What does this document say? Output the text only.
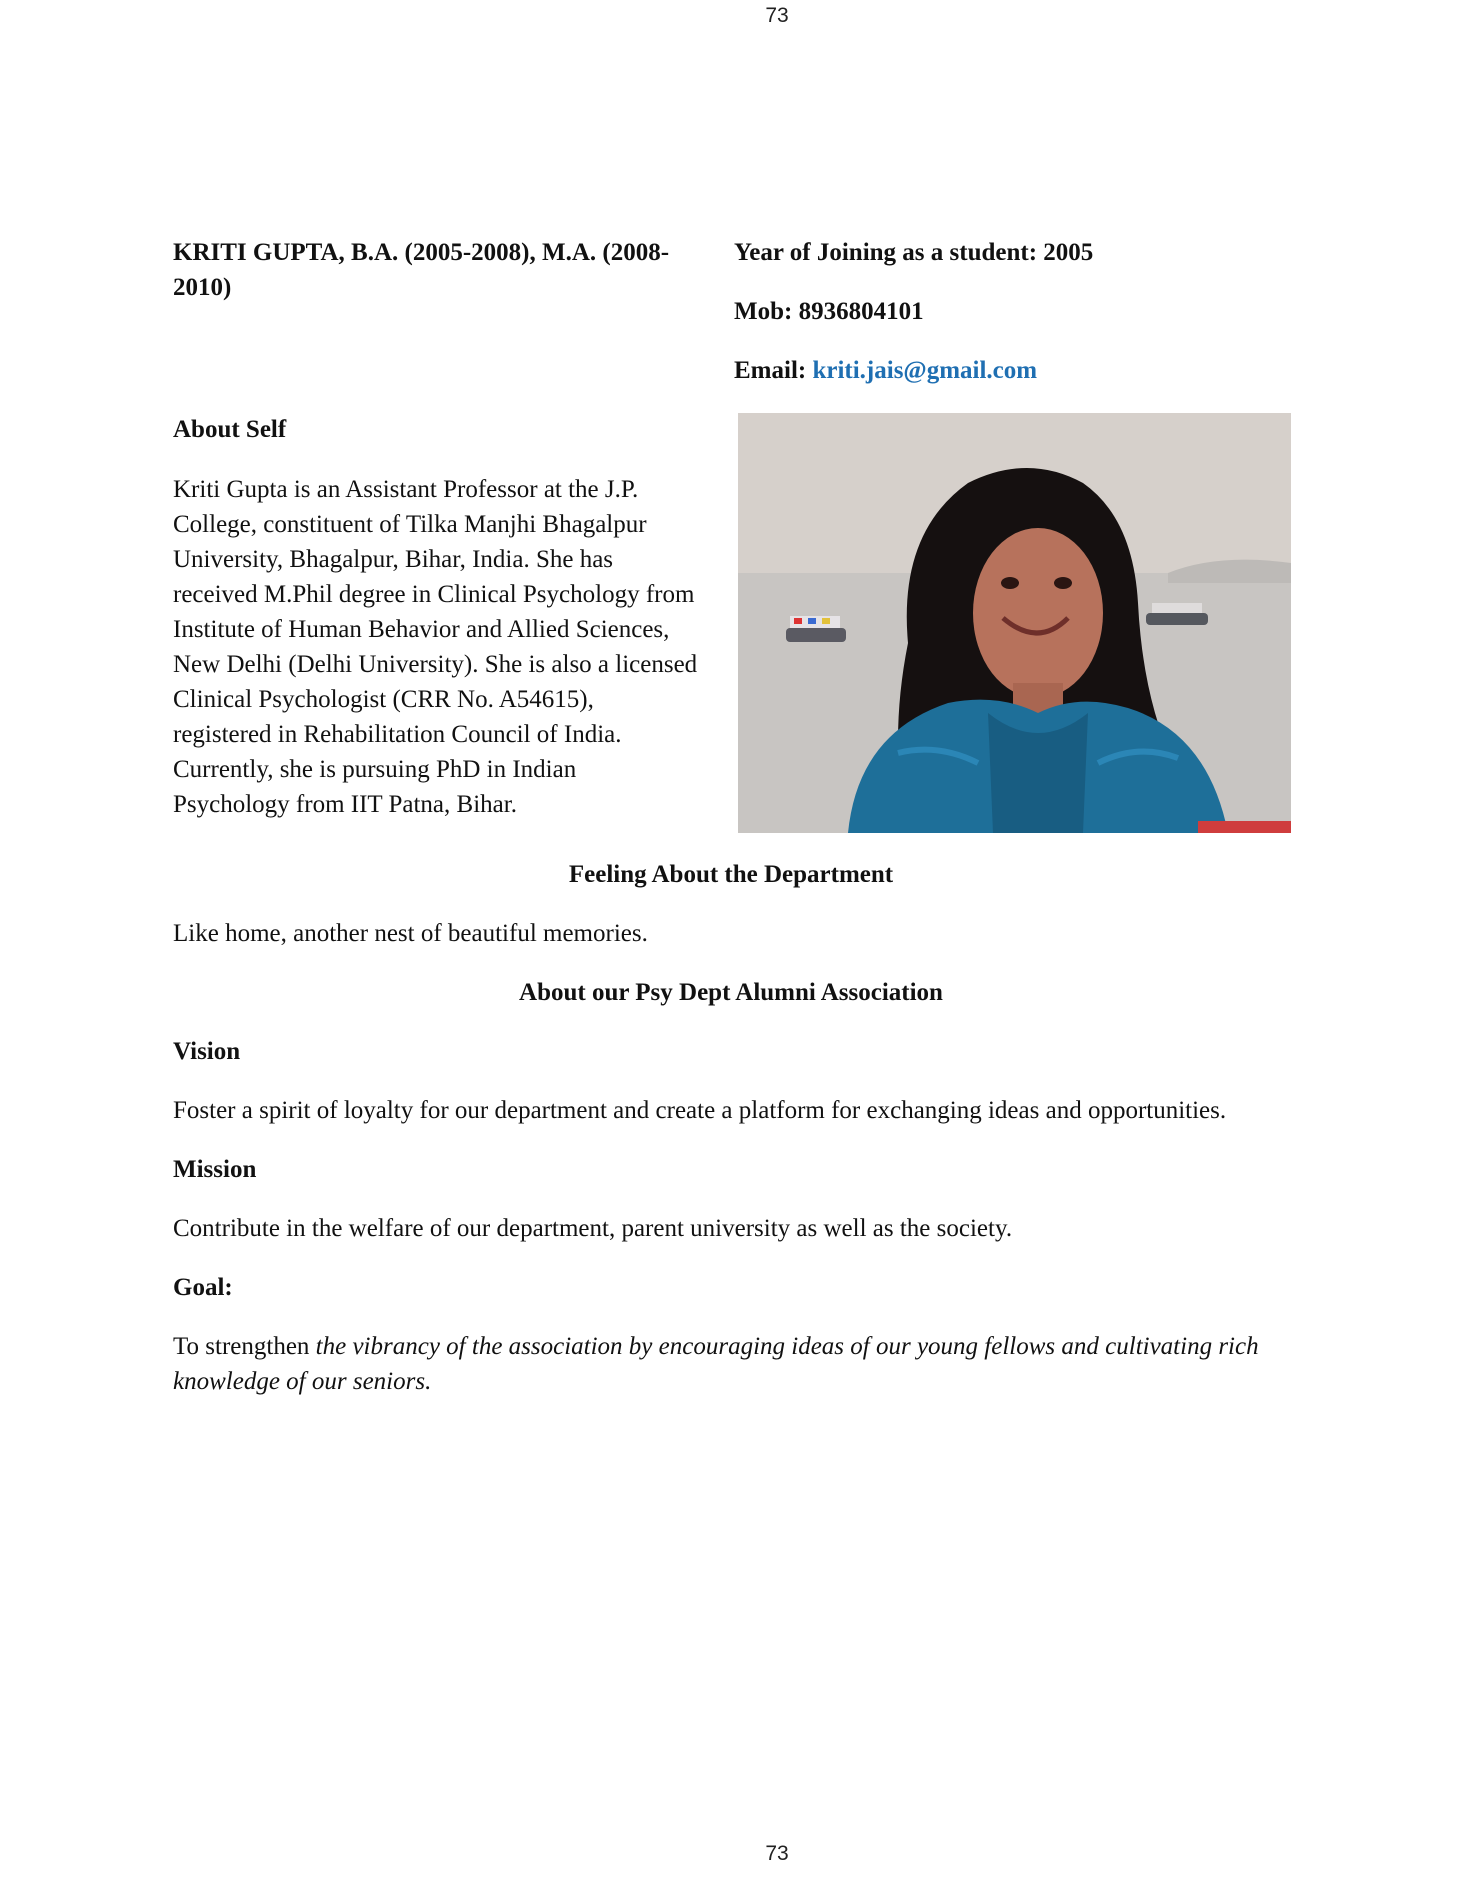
73
KRITI GUPTA, B.A. (2005-2008), M.A. (2008-2010)
Year of Joining as a student: 2005
Mob: 8936804101
Email: kriti.jais@gmail.com
About Self
Kriti Gupta is an Assistant Professor at the J.P. College, constituent of Tilka Manjhi Bhagalpur University, Bhagalpur, Bihar, India. She has received M.Phil degree in Clinical Psychology from Institute of Human Behavior and Allied Sciences, New Delhi (Delhi University). She is also a licensed Clinical Psychologist (CRR No. A54615), registered in Rehabilitation Council of India. Currently, she is pursuing PhD in Indian Psychology from IIT Patna, Bihar.
Feeling About the Department
Like home, another nest of beautiful memories.
About our Psy Dept Alumni Association
Vision
Foster a spirit of loyalty for our department and create a platform for exchanging ideas and opportunities.
Mission
Contribute in the welfare of our department, parent university as well as the society.
Goal:
To strengthen the vibrancy of the association by encouraging ideas of our young fellows and cultivating rich knowledge of our seniors.
73
